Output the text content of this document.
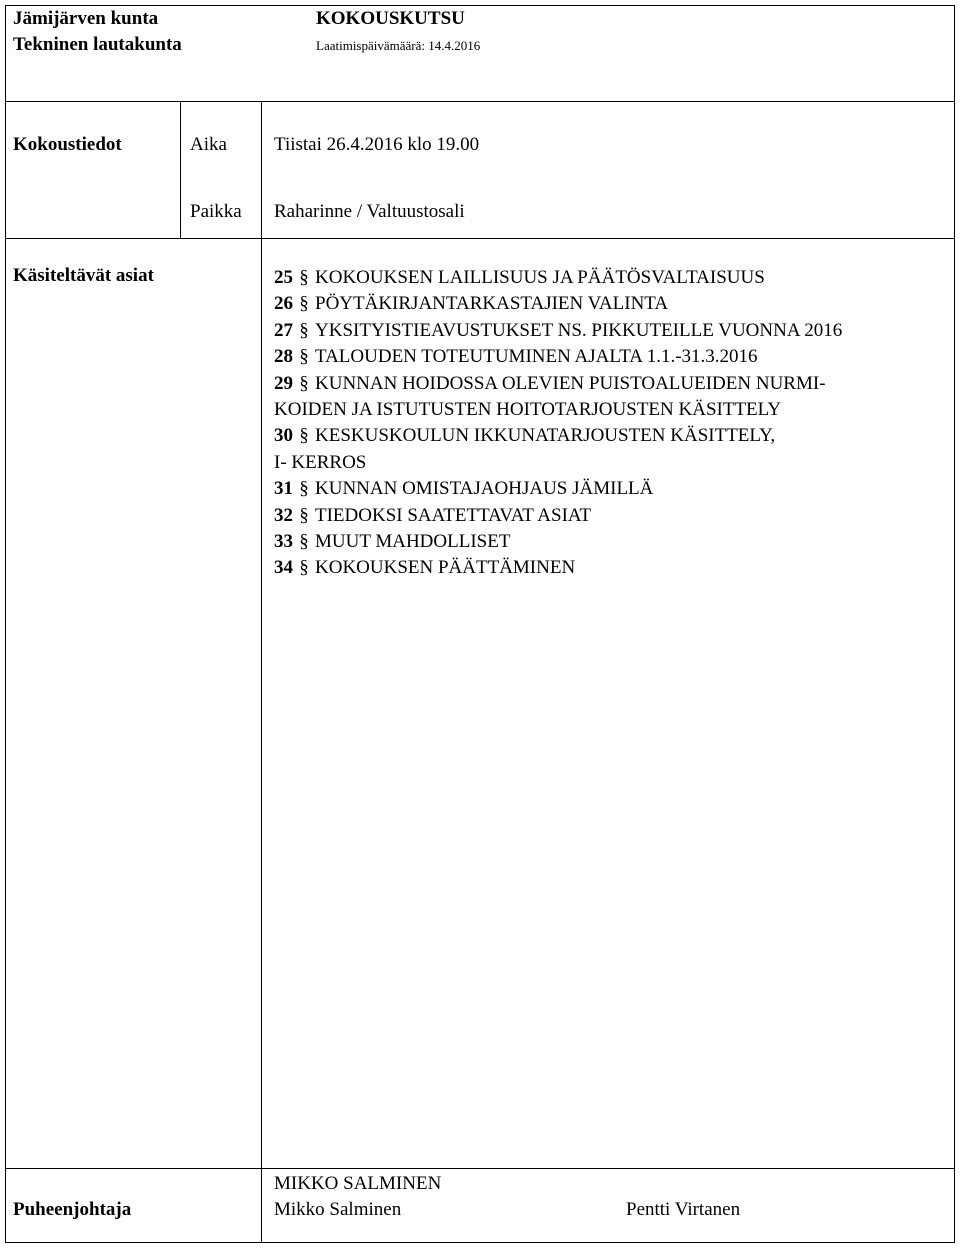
Jämijärven kunta
Tekninen lautakunta
KOKOUSKUTSU
Laatimispäivämäärä: 14.4.2016
Kokoustiedot	Aika Tiistai 26.4.2016 klo 19.00
Paikka Raharinne / Valtuustosali
Käsiteltävät asiat	25 § KOKOUKSEN LAILLISUUS JA PÄÄTÖSVALTAISUUS
26 § PÖYTÄKIRJANTARKASTAJIEN VALINTA
27 § YKSITYISTIEAVUSTUKSET NS. PIKKUTEILLE VUONNA 2016
28 § TALOUDEN TOTEUTUMINEN AJALTA 1.1.-31.3.2016
29 § KUNNAN HOIDOSSA OLEVIEN PUISTOALUEIDEN NURMI-
KOIDEN JA ISTUTUSTEN HOITOTARJOUSTEN KÄSITTELY
30 § KESKUSKOULUN IKKUNATARJOUSTEN KÄSITTELY,
I- KERROS
31 § KUNNAN OMISTAJAOHJAUS JÄMILLÄ
32 § TIEDOKSI SAATETTAVAT ASIAT
33 § MUUT MAHDOLLISET
34 § KOKOUKSEN PÄÄTTÄMINEN
Puheenjohtaja
MIKKO SALMINEN
Mikko Salminen	Pentti Virtanen
